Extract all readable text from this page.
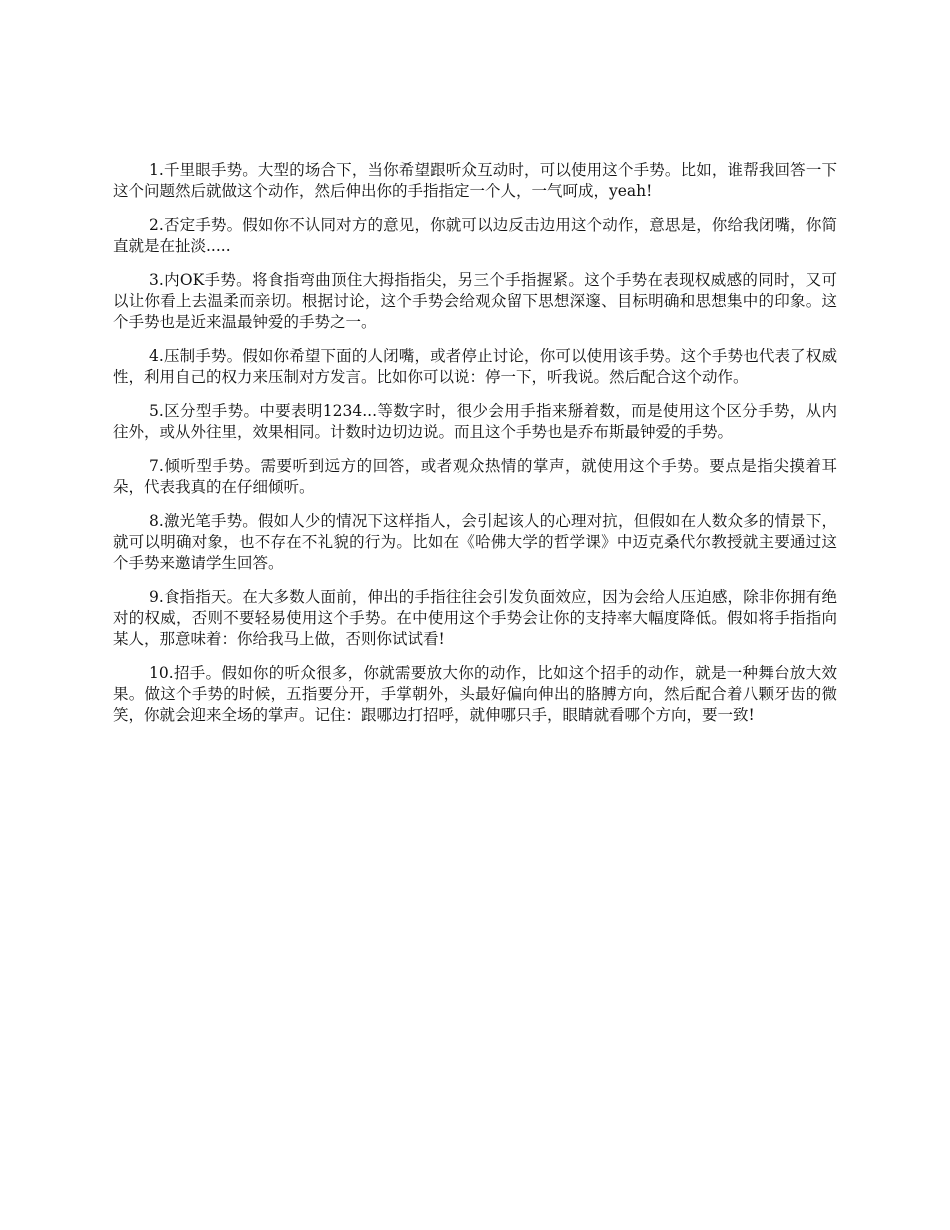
1.千里眼手势。大型的场合下，当你希望跟听众互动时，可以使用这个手势。比如，谁帮我回答一下这个问题然后就做这个动作，然后伸出你的手指指定一个人，一气呵成，yeah!

2.否定手势。假如你不认同对方的意见，你就可以边反击边用这个动作，意思是，你给我闭嘴，你简直就是在扯淡.....

3.内OK手势。将食指弯曲顶住大拇指指尖，另三个手指握紧。这个手势在表现权威感的同时，又可以让你看上去温柔而亲切。根据讨论，这个手势会给观众留下思想深邃、目标明确和思想集中的印象。这个手势也是近来温最钟爱的手势之一。

4.压制手势。假如你希望下面的人闭嘴，或者停止讨论，你可以使用该手势。这个手势也代表了权威性，利用自己的权力来压制对方发言。比如你可以说：停一下，听我说。然后配合这个动作。

5.区分型手势。中要表明1234...等数字时，很少会用手指来掰着数，而是使用这个区分手势，从内往外，或从外往里，效果相同。计数时边切边说。而且这个手势也是乔布斯最钟爱的手势。

7.倾听型手势。需要听到远方的回答，或者观众热情的掌声，就使用这个手势。要点是指尖摸着耳朵，代表我真的在仔细倾听。

8.激光笔手势。假如人少的情况下这样指人，会引起该人的心理对抗，但假如在人数众多的情景下，就可以明确对象，也不存在不礼貌的行为。比如在《哈佛大学的哲学课》中迈克桑代尔教授就主要通过这个手势来邀请学生回答。

9.食指指天。在大多数人面前，伸出的手指往往会引发负面效应，因为会给人压迫感，除非你拥有绝对的权威，否则不要轻易使用这个手势。在中使用这个手势会让你的支持率大幅度降低。假如将手指指向某人，那意味着：你给我马上做，否则你试试看!

10.招手。假如你的听众很多，你就需要放大你的动作，比如这个招手的动作，就是一种舞台放大效果。做这个手势的时候，五指要分开，手掌朝外，头最好偏向伸出的胳膊方向，然后配合着八颗牙齿的微笑，你就会迎来全场的掌声。记住：跟哪边打招呼，就伸哪只手，眼睛就看哪个方向，要一致!
